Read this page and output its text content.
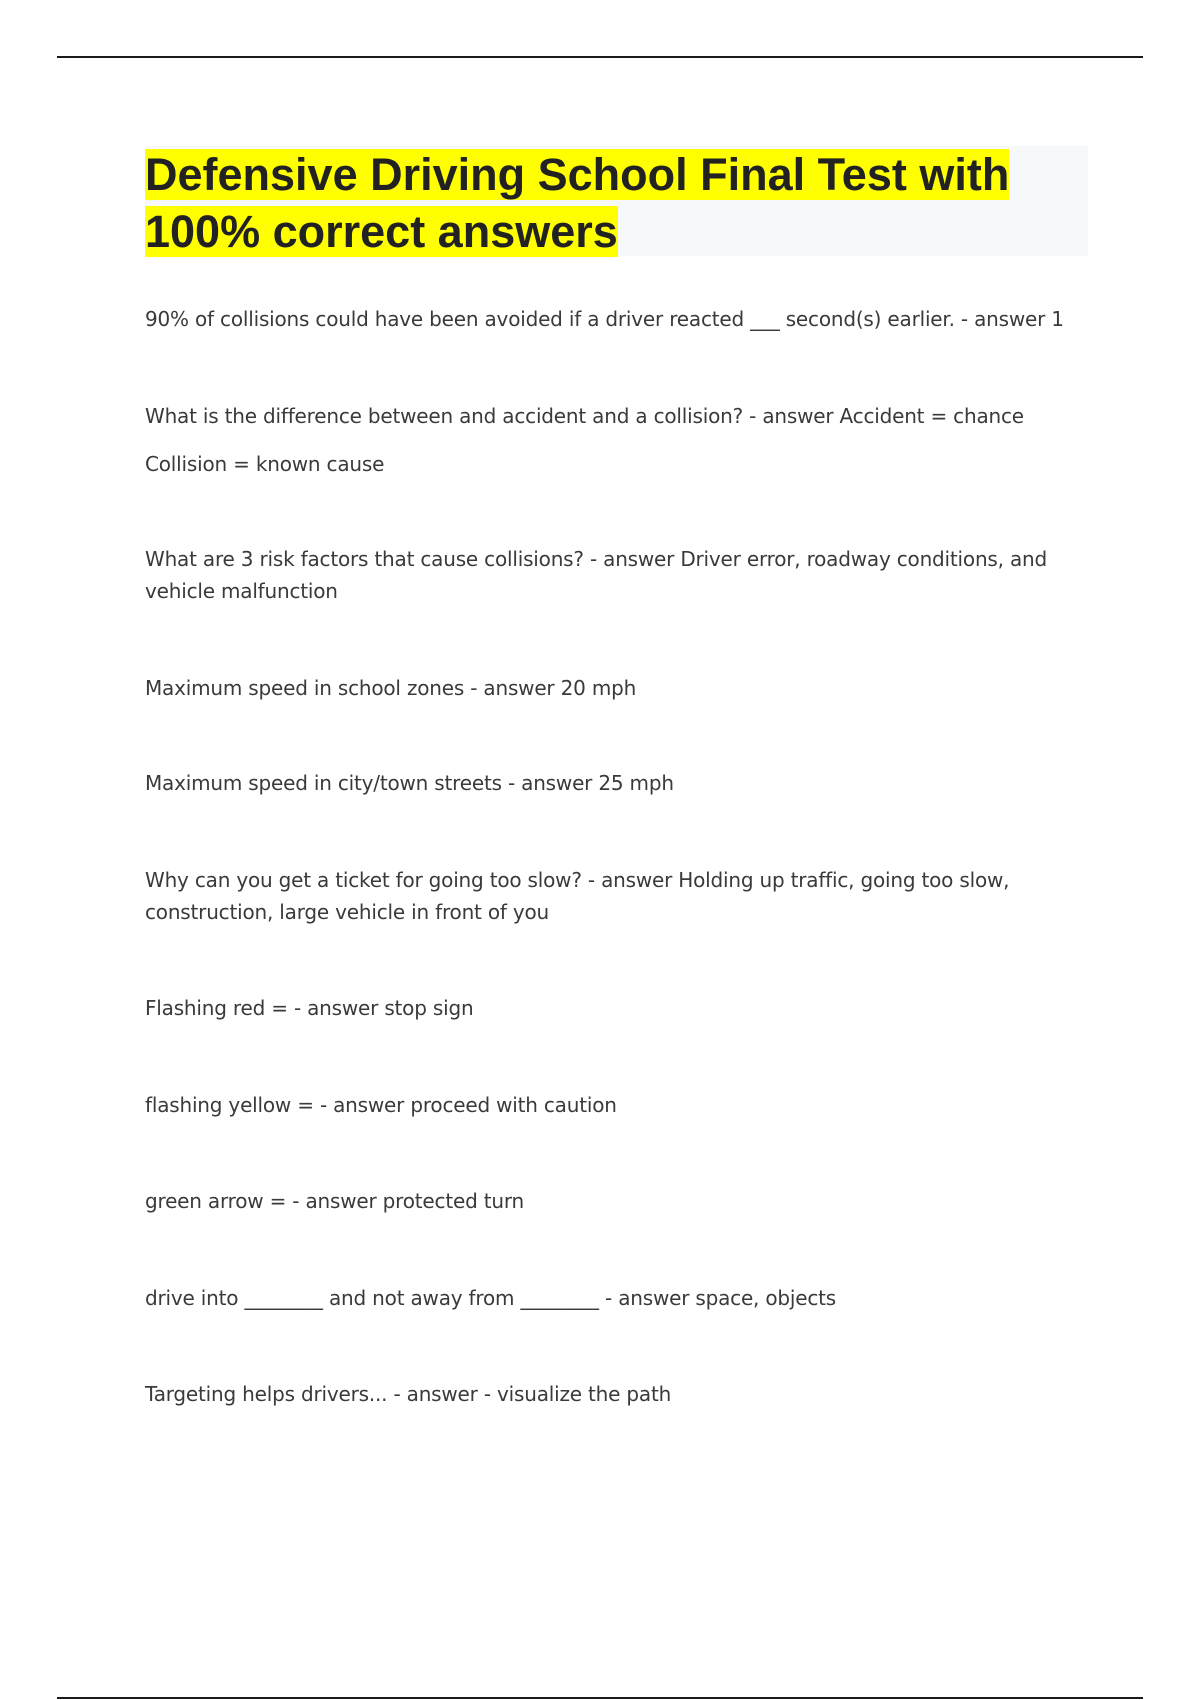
Defensive Driving School Final Test with 100% correct answers

90% of collisions could have been avoided if a driver reacted ___ second(s) earlier. - answer 1

What is the difference between and accident and a collision? - answer Accident = chance

Collision = known cause

What are 3 risk factors that cause collisions? - answer Driver error, roadway conditions, and vehicle malfunction

Maximum speed in school zones - answer 20 mph

Maximum speed in city/town streets - answer 25 mph

Why can you get a ticket for going too slow? - answer Holding up traffic, going too slow, construction, large vehicle in front of you

Flashing red = - answer stop sign

flashing yellow = - answer proceed with caution

green arrow = - answer protected turn

drive into ________ and not away from ________ - answer space, objects

Targeting helps drivers... - answer - visualize the path
